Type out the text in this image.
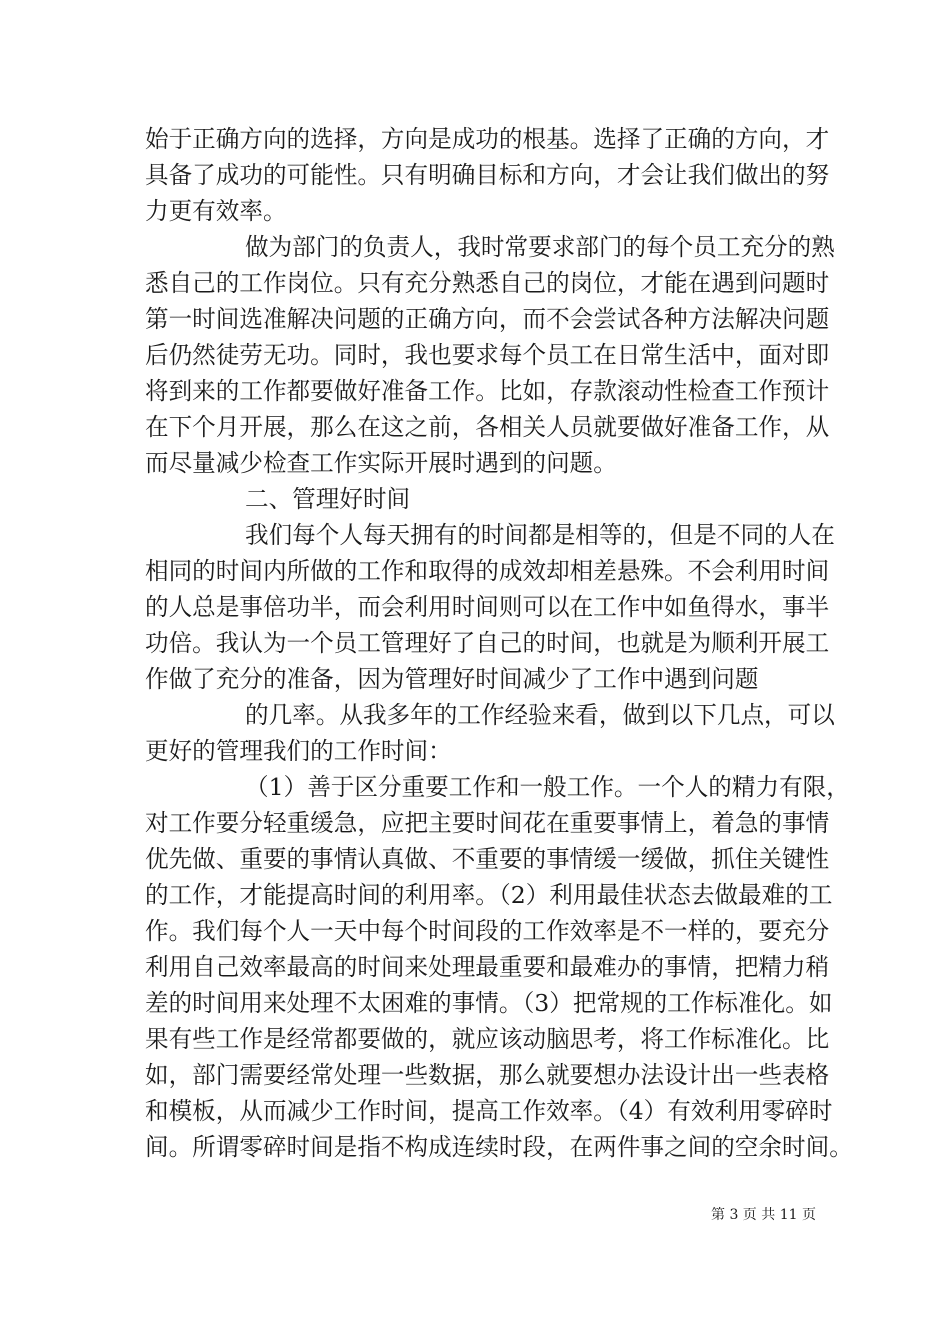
始于正确方向的选择，方向是成功的根基。选择了正确的方向，才
具备了成功的可能性。只有明确目标和方向，才会让我们做出的努
力更有效率。
做为部门的负责人，我时常要求部门的每个员工充分的熟
悉自己的工作岗位。只有充分熟悉自己的岗位，才能在遇到问题时
第一时间选准解决问题的正确方向，而不会尝试各种方法解决问题
后仍然徒劳无功。同时，我也要求每个员工在日常生活中，面对即
将到来的工作都要做好准备工作。比如，存款滚动性检查工作预计
在下个月开展，那么在这之前，各相关人员就要做好准备工作，从
而尽量减少检查工作实际开展时遇到的问题。
二、管理好时间
我们每个人每天拥有的时间都是相等的，但是不同的人在
相同的时间内所做的工作和取得的成效却相差悬殊。不会利用时间
的人总是事倍功半，而会利用时间则可以在工作中如鱼得水，事半
功倍。我认为一个员工管理好了自己的时间，也就是为顺利开展工
作做了充分的准备，因为管理好时间减少了工作中遇到问题
的几率。从我多年的工作经验来看，做到以下几点，可以
更好的管理我们的工作时间：
（1）善于区分重要工作和一般工作。一个人的精力有限，
对工作要分轻重缓急，应把主要时间花在重要事情上，着急的事情
优先做、重要的事情认真做、不重要的事情缓一缓做，抓住关键性
的工作，才能提高时间的利用率。（2）利用最佳状态去做最难的工
作。我们每个人一天中每个时间段的工作效率是不一样的，要充分
利用自己效率最高的时间来处理最重要和最难办的事情，把精力稍
差的时间用来处理不太困难的事情。（3）把常规的工作标准化。如
果有些工作是经常都要做的，就应该动脑思考，将工作标准化。比
如，部门需要经常处理一些数据，那么就要想办法设计出一些表格
和模板，从而减少工作时间，提高工作效率。（4）有效利用零碎时
间。所谓零碎时间是指不构成连续时段，在两件事之间的空余时间。
第 3 页 共 11 页
